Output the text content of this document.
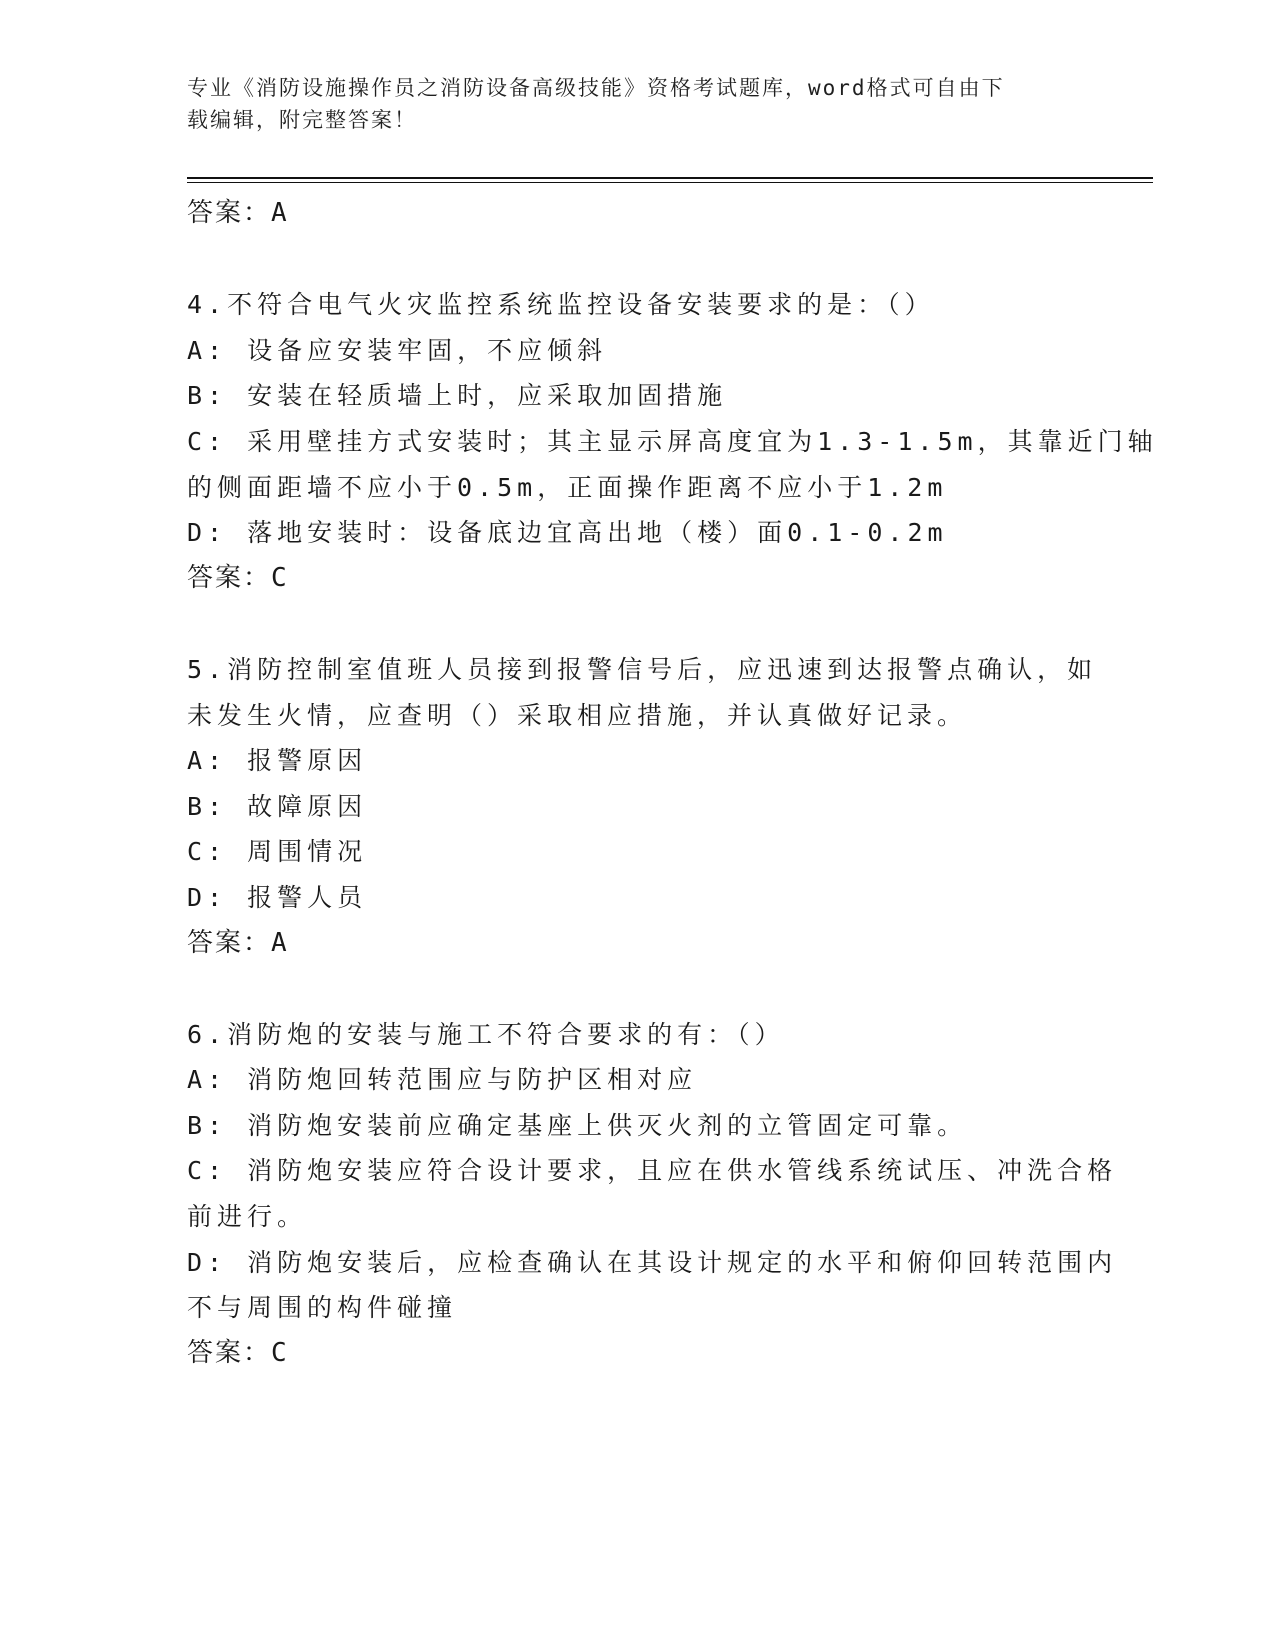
专业《消防设施操作员之消防设备高级技能》资格考试题库，word格式可自由下
载编辑，附完整答案！

答案：A

4.不符合电气火灾监控系统监控设备安装要求的是：（）

A: 设备应安装牢固，不应倾斜

B: 安装在轻质墙上时，应采取加固措施

C: 采用壁挂方式安装时；其主显示屏高度宜为1.3-1.5m，其靠近门轴

的侧面距墙不应小于0.5m，正面操作距离不应小于1.2m

D: 落地安装时：设备底边宜高出地（楼）面0.1-0.2m

答案：C

5.消防控制室值班人员接到报警信号后，应迅速到达报警点确认，如

未发生火情，应查明（）采取相应措施，并认真做好记录。

A: 报警原因

B: 故障原因

C: 周围情况

D: 报警人员

答案：A

6.消防炮的安装与施工不符合要求的有：（）

A: 消防炮回转范围应与防护区相对应

B: 消防炮安装前应确定基座上供灭火剂的立管固定可靠。

C: 消防炮安装应符合设计要求，且应在供水管线系统试压、冲洗合格

前进行。

D: 消防炮安装后，应检查确认在其设计规定的水平和俯仰回转范围内

不与周围的构件碰撞

答案：C
